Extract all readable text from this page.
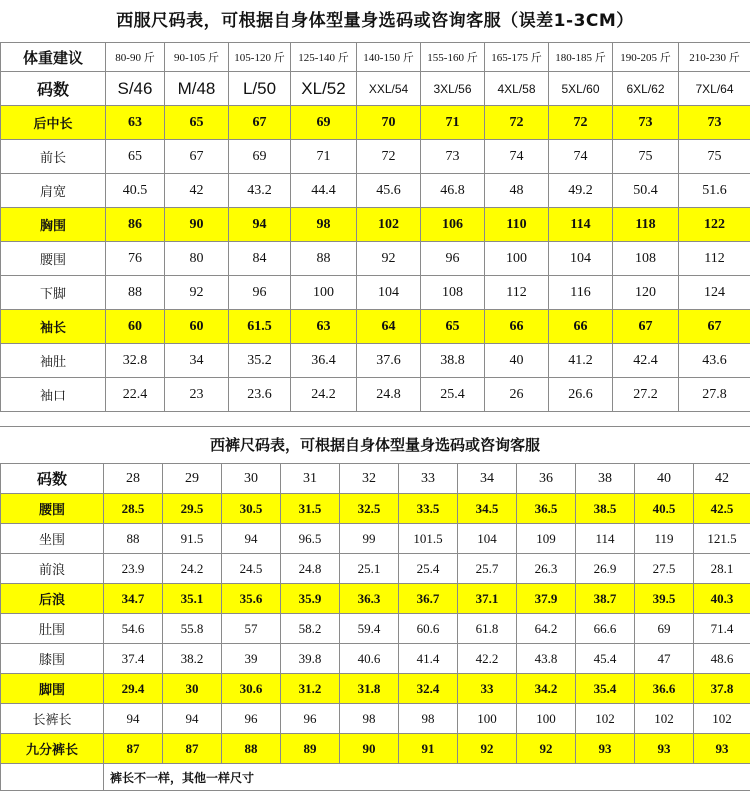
西服尺码表，可根据自身体型量身选码或咨询客服（误差1-3CM）
体重建议	80-90 斤	90-105 斤	105-120 斤	125-140 斤	140-150 斤	155-160 斤	165-175 斤	180-185 斤	190-205 斤	210-230 斤
码数	S/46	M/48	L/50	XL/52	XXL/54	3XL/56	4XL/58	5XL/60	6XL/62	7XL/64
后中长	63	65	67	69	70	71	72	72	73	73
前长	65	67	69	71	72	73	74	74	75	75
肩宽	40.5	42	43.2	44.4	45.6	46.8	48	49.2	50.4	51.6
胸围	86	90	94	98	102	106	110	114	118	122
腰围	76	80	84	88	92	96	100	104	108	112
下脚	88	92	96	100	104	108	112	116	120	124
袖长	60	60	61.5	63	64	65	66	66	67	67
袖肚	32.8	34	35.2	36.4	37.6	38.8	40	41.2	42.4	43.6
袖口	22.4	23	23.6	24.2	24.8	25.4	26	26.6	27.2	27.8
西裤尺码表，可根据自身体型量身选码或咨询客服
码数	28	29	30	31	32	33	34	36	38	40	42
腰围	28.5	29.5	30.5	31.5	32.5	33.5	34.5	36.5	38.5	40.5	42.5
坐围	88	91.5	94	96.5	99	101.5	104	109	114	119	121.5
前浪	23.9	24.2	24.5	24.8	25.1	25.4	25.7	26.3	26.9	27.5	28.1
后浪	34.7	35.1	35.6	35.9	36.3	36.7	37.1	37.9	38.7	39.5	40.3
肚围	54.6	55.8	57	58.2	59.4	60.6	61.8	64.2	66.6	69	71.4
膝围	37.4	38.2	39	39.8	40.6	41.4	42.2	43.8	45.4	47	48.6
脚围	29.4	30	30.6	31.2	31.8	32.4	33	34.2	35.4	36.6	37.8
长裤长	94	94	96	96	98	98	100	100	102	102	102
九分裤长	87	87	88	89	90	91	92	92	93	93	93
	裤长不一样，其他一样尺寸										
